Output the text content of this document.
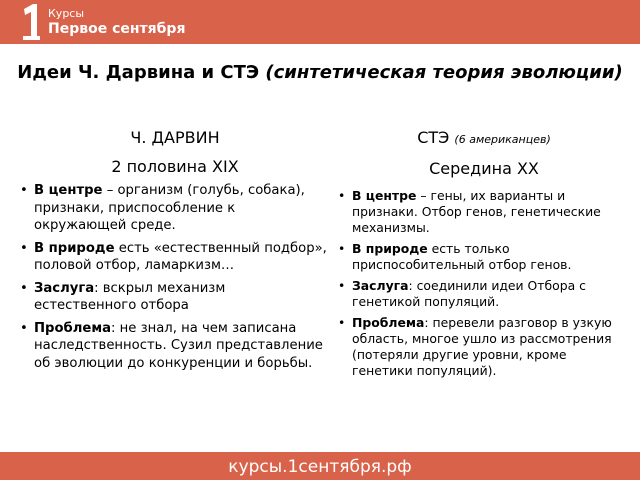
Курсы
Первое сентября
Идеи Ч. Дарвина и СТЭ (синтетическая теория эволюции)
Ч. ДАРВИН
2 половина XIX
• В центре – организм (голубь, собака), признаки, приспособление к окружающей среде.
• В природе есть «естественный подбор», половой отбор, ламаркизм…
• Заслуга: вскрыл механизм естественного отбора
• Проблема: не знал, на чем записана наследственность. Сузил представление об эволюции до конкуренции и борьбы.
СТЭ (6 американцев)
Середина XX
• В центре – гены, их варианты и признаки. Отбор генов, генетические механизмы.
• В природе есть только приспособительный отбор генов.
• Заслуга: соединили идеи Отбора с генетикой популяций.
• Проблема: перевели разговор в узкую область, многое ушло из рассмотрения (потеряли другие уровни, кроме генетики популяций).
курсы.1сентября.рф
